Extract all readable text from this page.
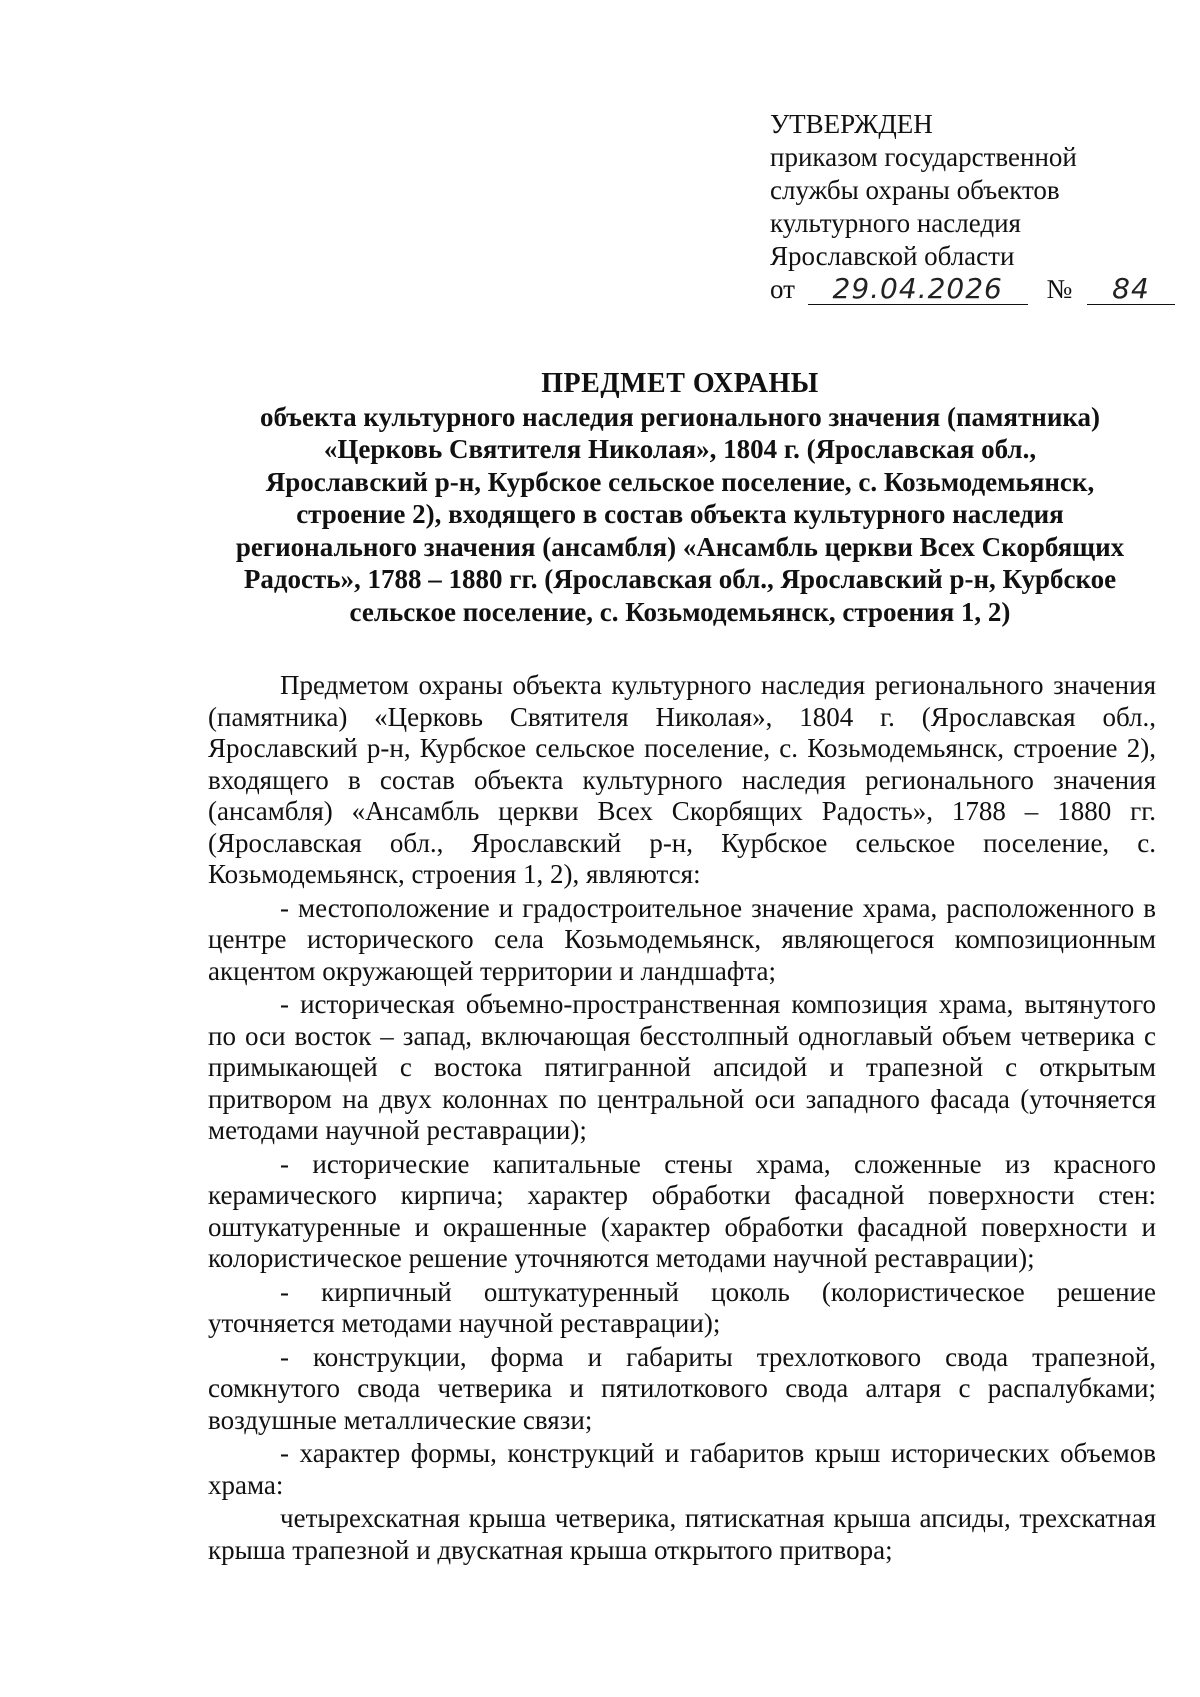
УТВЕРЖДЕН
приказом государственной
службы охраны объектов
культурного наследия
Ярославской области
от 29.04.2026 № 84
ПРЕДМЕТ ОХРАНЫ
объекта культурного наследия регионального значения (памятника)
«Церковь Святителя Николая», 1804 г. (Ярославская обл.,
Ярославский р-н, Курбское сельское поселение, с. Козьмодемьянск,
строение 2), входящего в состав объекта культурного наследия
регионального значения (ансамбля) «Ансамбль церкви Всех Скорбящих
Радость», 1788 – 1880 гг. (Ярославская обл., Ярославский р-н, Курбское
сельское поселение, с. Козьмодемьянск, строения 1, 2)

Предметом охраны объекта культурного наследия регионального значения (памятника) «Церковь Святителя Николая», 1804 г. (Ярославская обл., Ярославский р-н, Курбское сельское поселение, с. Козьмодемьянск, строение 2), входящего в состав объекта культурного наследия регионального значения (ансамбля) «Ансамбль церкви Всех Скорбящих Радость», 1788 – 1880 гг. (Ярославская обл., Ярославский р-н, Курбское сельское поселение, с. Козьмодемьянск, строения 1, 2), являются:

- местоположение и градостроительное значение храма, расположенного в центре исторического села Козьмодемьянск, являющегося композиционным акцентом окружающей территории и ландшафта;

- историческая объемно-пространственная композиция храма, вытянутого по оси восток – запад, включающая бесстолпный одноглавый объем четверика с примыкающей с востока пятигранной апсидой и трапезной с открытым притвором на двух колоннах по центральной оси западного фасада (уточняется методами научной реставрации);

- исторические капитальные стены храма, сложенные из красного керамического кирпича; характер обработки фасадной поверхности стен: оштукатуренные и окрашенные (характер обработки фасадной поверхности и колористическое решение уточняются методами научной реставрации);

- кирпичный оштукатуренный цоколь (колористическое решение уточняется методами научной реставрации);

- конструкции, форма и габариты трехлоткового свода трапезной, сомкнутого свода четверика и пятилоткового свода алтаря с распалубками; воздушные металлические связи;

- характер формы, конструкций и габаритов крыш исторических объемов храма:

четырехскатная крыша четверика, пятискатная крыша апсиды, трехскатная крыша трапезной и двускатная крыша открытого притвора;
